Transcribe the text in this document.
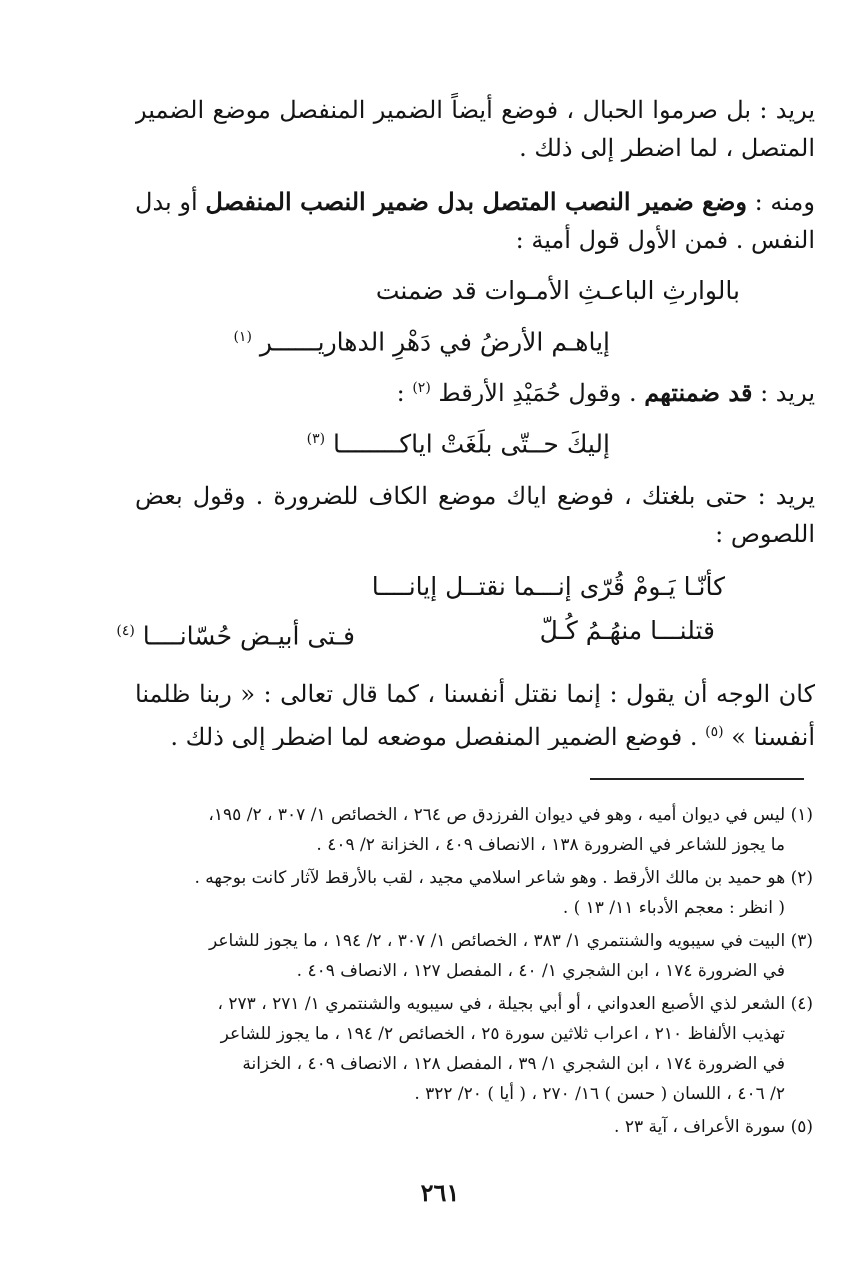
يريد : بل صرموا الحبال ، فوضع أيضاً الضمير المنفصل موضع الضمير
المتصل ، لما اضطر إلى ذلك .
ومنه : وضع ضمير النصب المتصل بدل ضمير النصب المنفصل أو بدل
النفس . فمن الأول قول أمية :
بالوارثِ الباعـثِ الأمـوات قد ضمنت
إياهـم الأرضُ في دَهْرِ الدهاريــــــر $^{(١)}$
يريد : قد ضمنتهم . وقول حُمَيْدٍ الأرقط $^{(٢)}$ :
إليكَ حــتّى بلَغَتْ اياكــــــــا $^{(٣)}$
يريد : حتى بلغتك ، فوضع اياك موضع الكاف للضرورة . وقول بعض
اللصوص :
كأنّـا يَـومْ قُرّى إنـــما نقتــل إيانــــا
قتلنـــا منهُـمُ كُـلّ
فـتى أبيـض حُسّانــــا $^{(٤)}$
كان الوجه أن يقول : إنما نقتل أنفسنا ، كما قال تعالى : « ربنا ظلمنا
أنفسنا » $^{(٥)}$ . فوضع الضمير المنفصل موضعه لما اضطر إلى ذلك .
(١) ليس في ديوان أميه ، وهو في ديوان الفرزدق ص ٢٦٤ ، الخصائص ١/ ٣٠٧ ، ٢/ ١٩٥،
ما يجوز للشاعر في الضرورة ١٣٨ ، الانصاف ٤٠٩ ، الخزانة ٢/ ٤٠٩ .
(٢) هو حميد بن مالك الأرقط . وهو شاعر اسلامي مجيد ، لقب بالأرقط لآثار كانت بوجهه .
( انظر : معجم الأدباء ١١/ ١٣ ) .
(٣) البيت في سيبويه والشنتمري ١/ ٣٨٣ ، الخصائص ١/ ٣٠٧ ، ٢/ ١٩٤ ، ما يجوز للشاعر
في الضرورة ١٧٤ ، ابن الشجري ١/ ٤٠ ، المفصل ١٢٧ ، الانصاف ٤٠٩ .
(٤) الشعر لذي الأصبع العدواني ، أو أبي بجيلة ، في سيبويه والشنتمري ١/ ٢٧١ ، ٢٧٣ ،
تهذيب الألفاظ ٢١٠ ، اعراب ثلاثين سورة ٢٥ ، الخصائص ٢/ ١٩٤ ، ما يجوز للشاعر
في الضرورة ١٧٤ ، ابن الشجري ١/ ٣٩ ، المفصل ١٢٨ ، الانصاف ٤٠٩ ، الخزانة
٢/ ٤٠٦ ، اللسان ( حسن ) ١٦/ ٢٧٠ ، ( أيا ) ٢٠/ ٣٢٢ .
(٥) سورة الأعراف ، آية ٢٣ .
٢٦١
